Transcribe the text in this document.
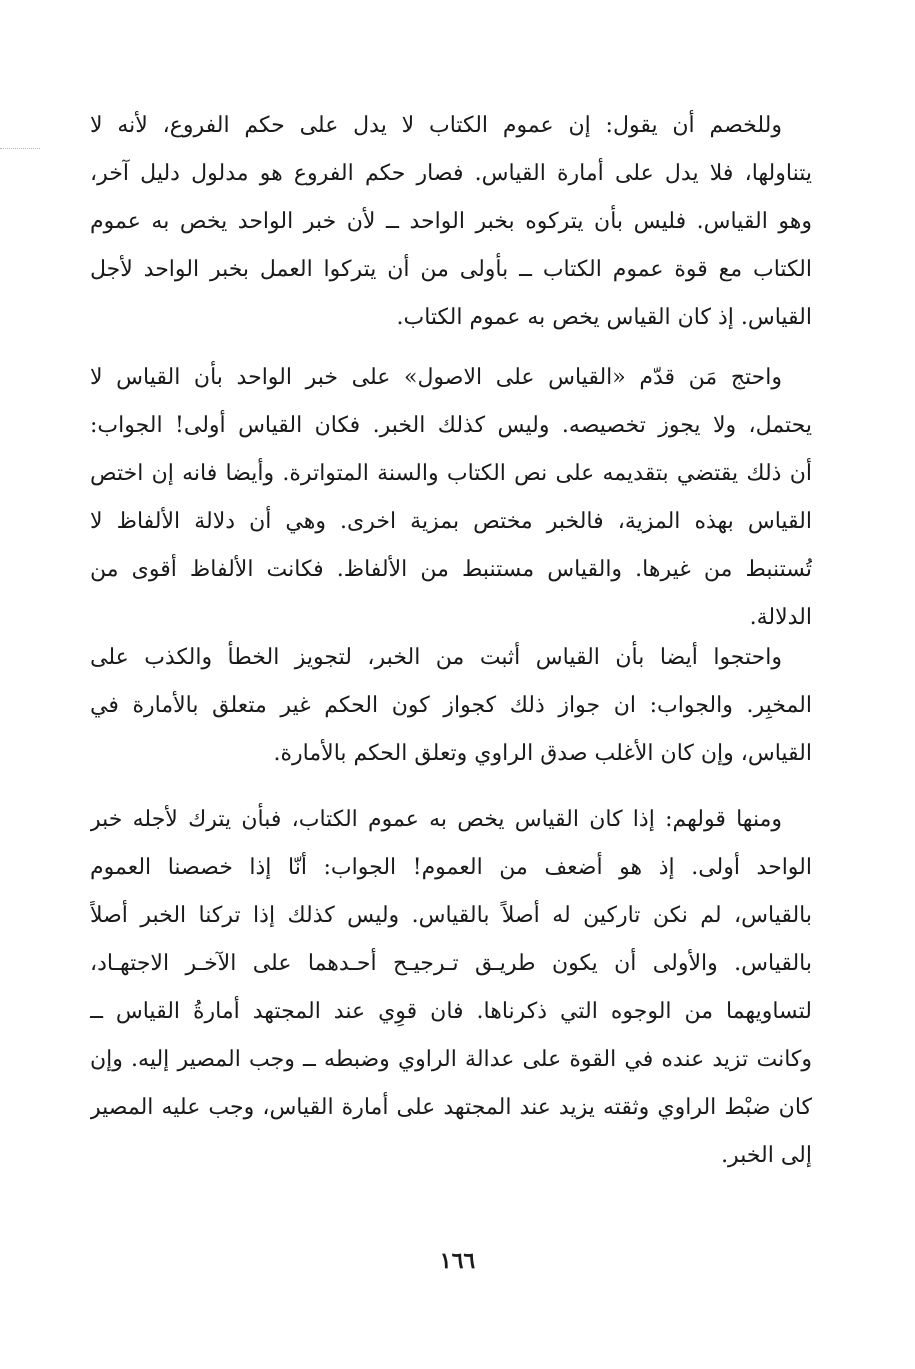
وللخصم أن يقول: إن عموم الكتاب لا يدل على حكم الفروع، لأنه لا
يتناولها، فلا يدل على أمارة القياس. فصار حكم الفروع هو مدلول دليل آخر،
وهو القياس. فليس بأن يتركوه بخبر الواحد ــ لأن خبر الواحد يخص به عموم
الكتاب مع قوة عموم الكتاب ــ بأولى من أن يتركوا العمل بخبر الواحد لأجل
القياس. إذ كان القياس يخص به عموم الكتاب.
واحتج مَن قدّم «القياس على الاصول» على خبر الواحد بأن القياس لا
يحتمل، ولا يجوز تخصيصه. وليس كذلك الخبر. فكان القياس أولى! الجواب:
أن ذلك يقتضي بتقديمه على نص الكتاب والسنة المتواترة. وأيضا فانه إن اختص
القياس بهذه المزية، فالخبر مختص بمزية اخرى. وهي أن دلالة الألفاظ لا
تُستنبط من غيرها. والقياس مستنبط من الألفاظ. فكانت الألفاظ أقوى من
الدلالة.
واحتجوا أيضا بأن القياس أثبت من الخبر، لتجويز الخطأ والكذب على
المخبِر. والجواب: ان جواز ذلك كجواز كون الحكم غير متعلق بالأمارة في
القياس، وإن كان الأغلب صدق الراوي وتعلق الحكم بالأمارة.
ومنها قولهم: إذا كان القياس يخص به عموم الكتاب، فبأن يترك لأجله خبر
الواحد أولى. إذ هو أضعف من العموم! الجواب: أنّا إذا خصصنا العموم
بالقياس، لم نكن تاركين له أصلاً بالقياس. وليس كذلك إذا تركنا الخبر أصلاً
بالقياس. والأولى أن يكون طريـق تـرجيـح أحـدهما على الآخـر الاجتهـاد،
لتساويهما من الوجوه التي ذكرناها. فان قوِي عند المجتهد أمارةُ القياس ــ
وكانت تزيد عنده في القوة على عدالة الراوي وضبطه ــ وجب المصير إليه. وإن
كان ضبْط الراوي وثقته يزيد عند المجتهد على أمارة القياس، وجب عليه المصير
إلى الخبر.
١٦٦
